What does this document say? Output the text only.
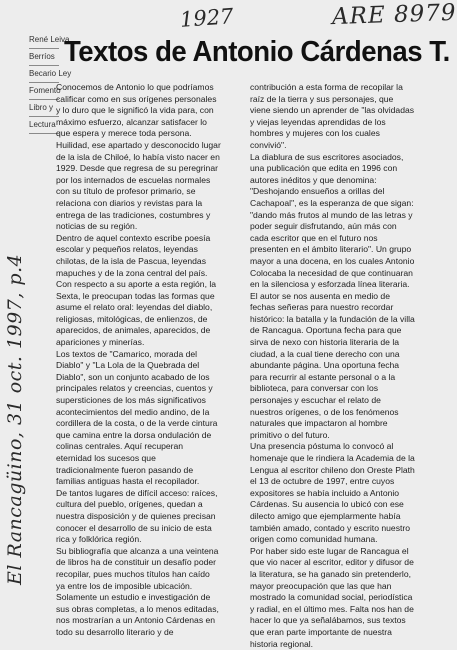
1927	ARE 8979
El Rancagüino, 31 oct. 1997, p.4
René Leiva
Berríos
Becario Ley
Fomento
Libro y
Lectura
Textos de Antonio Cárdenas T.

Conocemos de Antonio lo que podríamos calificar como en sus orígenes personales y lo duro que le significó la vida para, con máximo esfuerzo, alcanzar satisfacer lo que espera y merece toda persona.

Huilidad, ese apartado y desconocido lugar de la isla de Chiloé, lo había visto nacer en 1929. Desde que regresa de su peregrinar por los internados de escuelas normales con su título de profesor primario, se relaciona con diarios y revistas para la entrega de las tradiciones, costumbres y noticias de su región.

Dentro de aquel contexto escribe poesía escolar y pequeños relatos, leyendas chilotas, de la isla de Pascua, leyendas mapuches y de la zona central del país.

Con respecto a su aporte a esta región, la Sexta, le preocupan todas las formas que asume el relato oral: leyendas del diablo, religiosas, mitológicas, de enlienzos, de aparecidos, de animales, aparecidos, de apariciones y minerías.

Los textos de "Camarico, morada del Diablo" y "La Lola de la Quebrada del Diablo", son un conjunto acabado de los principales relatos y creencias, cuentos y supersticiones de los más significativos acontecimientos del medio andino, de la cordillera de la costa, o de la verde cintura que camina entre la dorsa ondulación de colinas centrales. Aquí recuperan eternidad los sucesos que tradicionalmente fueron pasando de familias antiguas hasta el recopilador.

De tantos lugares de difícil acceso: raíces, cultura del pueblo, orígenes, quedan a nuestra disposición y de quienes precisan conocer el desarrollo de su inicio de esta rica y folklórica región.

Su bibliografía que alcanza a una veintena de libros ha de constituir un desafío poder recopilar, pues muchos títulos han caído ya entre los de imposible ubicación. Solamente un estudio e investigación de sus obras completas, a lo menos editadas, nos mostrarían a un Antonio Cárdenas en todo su desarrollo literario y de

contribución a esta forma de recopilar la raíz de la tierra y sus personajes, que viene siendo un aprender de "las olvidadas y viejas leyendas aprendidas de los hombres y mujeres con los cuales convivió".

La diablura de sus escritores asociados, una publicación que edita en 1996 con autores inéditos y que denomina: "Deshojando ensueños a orillas del Cachapoal", es la esperanza de que sigan: "dando más frutos al mundo de las letras y poder seguir disfrutando, aún más con cada escritor que en el futuro nos presenten en el ámbito literario". Un grupo mayor a una docena, en los cuales Antonio Colocaba la necesidad de que continuaran en la silenciosa y esforzada línea literaria.

El autor se nos ausenta en medio de fechas señeras para nuestro recordar histórico: la batalla y la fundación de la villa de Rancagua. Oportuna fecha para que sirva de nexo con historia literaria de la ciudad, a la cual tiene derecho con una abundante página. Una oportuna fecha para recurrir al estante personal o a la biblioteca, para conversar con los personajes y escuchar el relato de nuestros orígenes, o de los fenómenos naturales que impactaron al hombre primitivo o del futuro.

Una presencia póstuma lo convocó al homenaje que le rindiera la Academia de la Lengua al escritor chileno don Oreste Plath el 13 de octubre de 1997, entre cuyos expositores se había incluido a Antonio Cárdenas. Su ausencia lo ubicó con ese dilecto amigo que ejemplarmente había también amado, contado y escrito nuestro origen como comunidad humana.

Por haber sido este lugar de Rancagua el que vio nacer al escritor, editor y difusor de la literatura, se ha ganado sin pretenderlo, mayor preocupación que las que han mostrado la comunidad social, periodística y radial, en el último mes. Falta nos han de hacer lo que ya señalábamos, sus textos que eran parte importante de nuestra historia regional.
